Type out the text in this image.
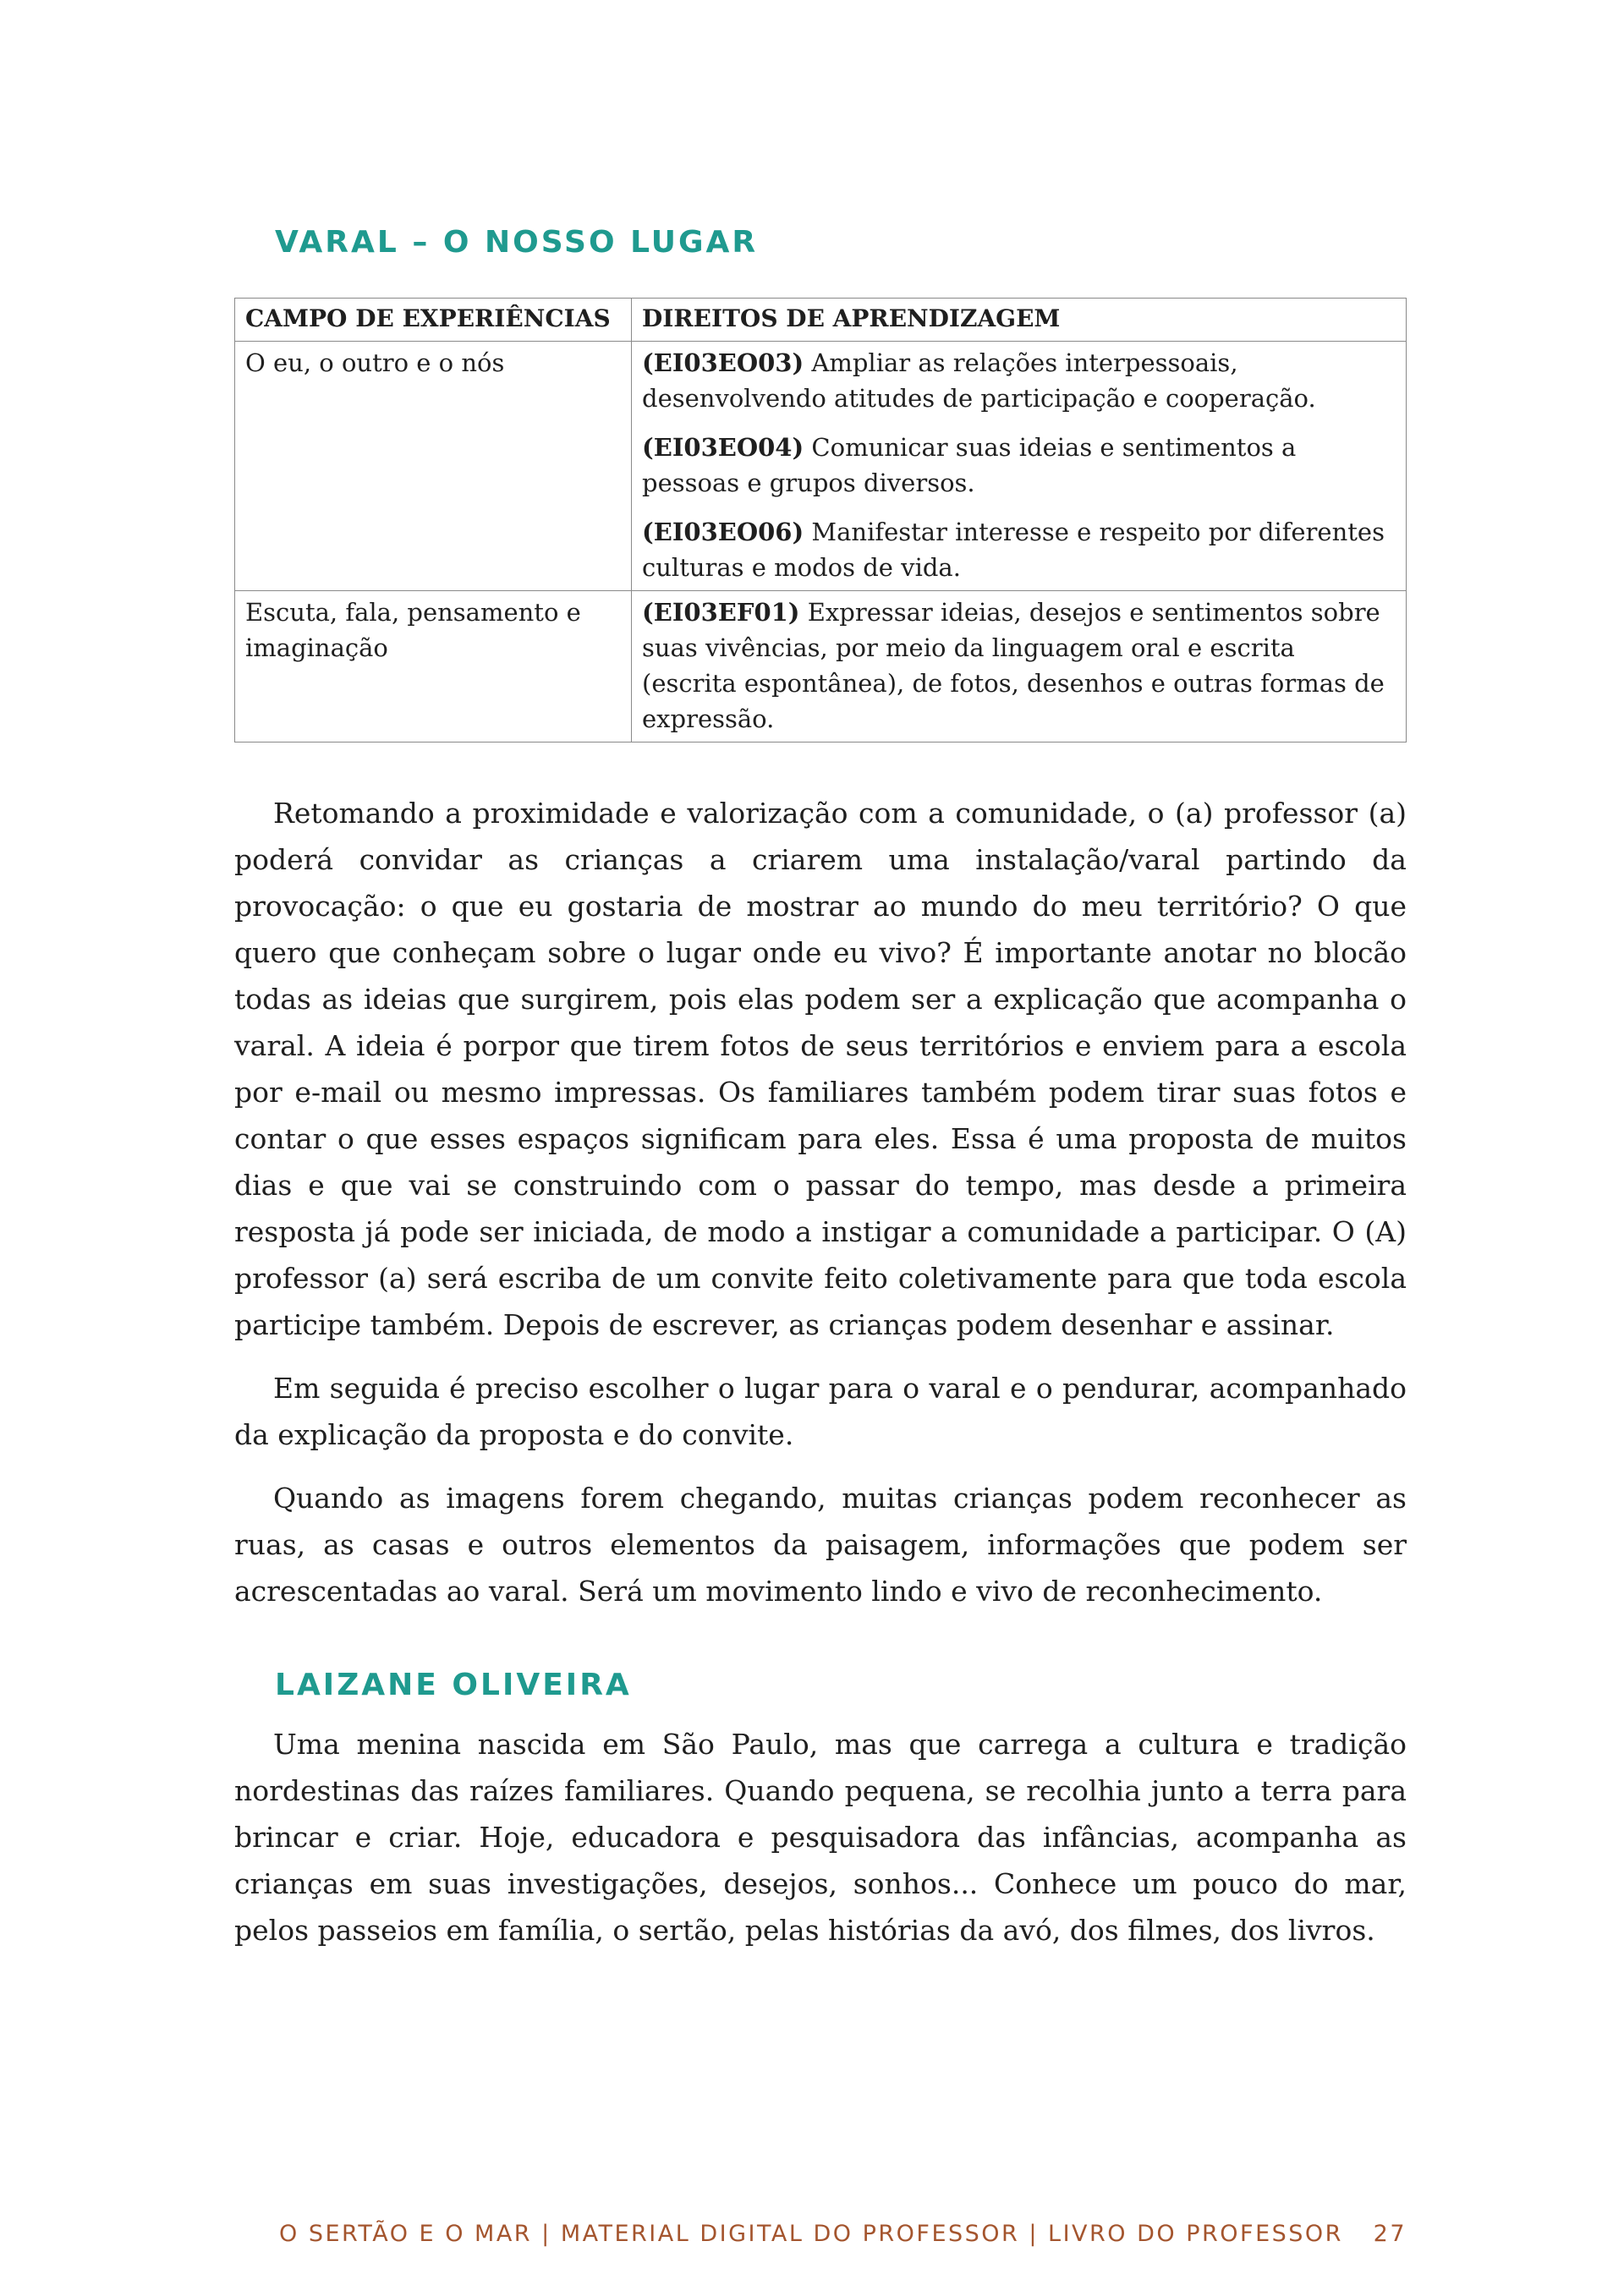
VARAL – O NOSSO LUGAR
CAMPO DE EXPERIÊNCIAS	DIREITOS DE APRENDIZAGEM
O eu, o outro e o nós	(EI03EO03) Ampliar as relações interpessoais, desenvolvendo atitudes de participação e cooperação.

(EI03EO04) Comunicar suas ideias e sentimentos a pessoas e grupos diversos.

(EI03EO06) Manifestar interesse e respeito por diferentes culturas e modos de vida.

Escuta, fala, pensamento e imaginação	(EI03EF01) Expressar ideias, desejos e sentimentos sobre suas vivências, por meio da linguagem oral e escrita (escrita espontânea), de fotos, desenhos e outras formas de expressão.

Retomando a proximidade e valorização com a comunidade, o (a) professor (a) poderá convidar as crianças a criarem uma instalação/varal partindo da provocação: o que eu gostaria de mostrar ao mundo do meu território? O que quero que conheçam sobre o lugar onde eu vivo? É importante anotar no blocão todas as ideias que surgirem, pois elas podem ser a explicação que acompanha o varal. A ideia é porpor que tirem fotos de seus territórios e enviem para a escola por e-mail ou mesmo impressas. Os familiares também podem tirar suas fotos e contar o que esses espaços significam para eles. Essa é uma proposta de muitos dias e que vai se construindo com o passar do tempo, mas desde a primeira resposta já pode ser iniciada, de modo a instigar a comunidade a participar. O (A) professor (a) será escriba de um convite feito coletivamente para que toda escola participe também. Depois de escrever, as crianças podem desenhar e assinar.

Em seguida é preciso escolher o lugar para o varal e o pendurar, acompanhado da explicação da proposta e do convite.

Quando as imagens forem chegando, muitas crianças podem reconhecer as ruas, as casas e outros elementos da paisagem, informações que podem ser acrescentadas ao varal. Será um movimento lindo e vivo de reconhecimento.

LAIZANE OLIVEIRA

Uma menina nascida em São Paulo, mas que carrega a cultura e tradição nordestinas das raízes familiares. Quando pequena, se recolhia junto a terra para brincar e criar. Hoje, educadora e pesquisadora das infâncias, acompanha as crianças em suas investigações, desejos, sonhos... Conhece um pouco do mar, pelos passeios em família, o sertão, pelas histórias da avó, dos filmes, dos livros.

O SERTÃO E O MAR | MATERIAL DIGITAL DO PROFESSOR | LIVRO DO PROFESSOR 27
